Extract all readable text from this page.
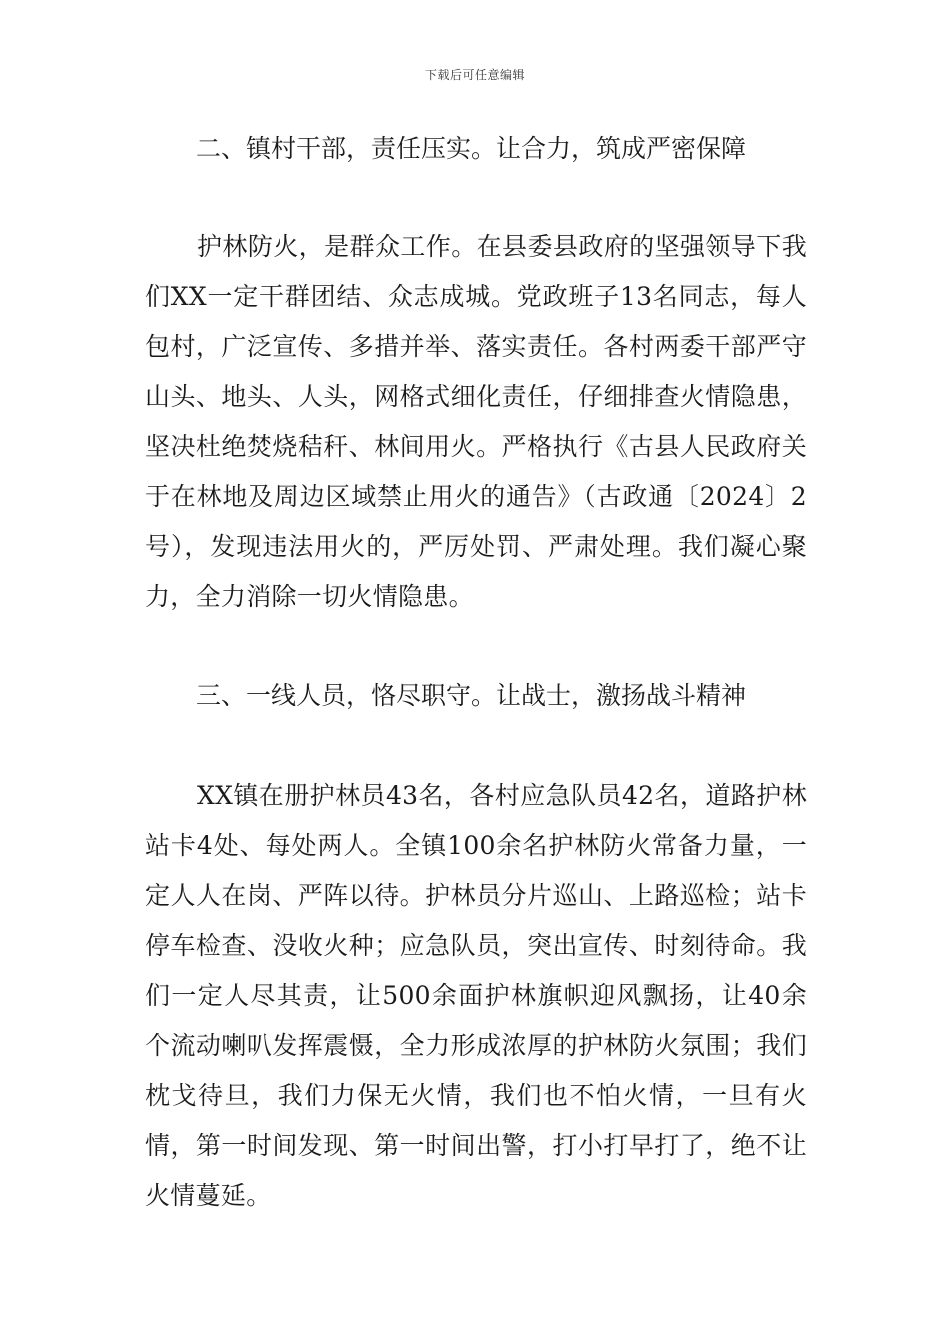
下载后可任意编辑
二、镇村干部，责任压实。让合力，筑成严密保障
护林防火，是群众工作。在县委县政府的坚强领导下我们XX一定干群团结、众志成城。党政班子13名同志，每人包村，广泛宣传、多措并举、落实责任。各村两委干部严守山头、地头、人头，网格式细化责任，仔细排查火情隐患，坚决杜绝焚烧秸秆、林间用火。严格执行《古县人民政府关于在林地及周边区域禁止用火的通告》（古政通〔2024〕2号），发现违法用火的，严厉处罚、严肃处理。我们凝心聚力，全力消除一切火情隐患。
三、一线人员，恪尽职守。让战士，激扬战斗精神
XX镇在册护林员43名，各村应急队员42名，道路护林站卡4处、每处两人。全镇100余名护林防火常备力量，一定人人在岗、严阵以待。护林员分片巡山、上路巡检；站卡停车检查、没收火种；应急队员，突出宣传、时刻待命。我们一定人尽其责，让500余面护林旗帜迎风飘扬，让40余个流动喇叭发挥震慑，全力形成浓厚的护林防火氛围；我们枕戈待旦，我们力保无火情，我们也不怕火情，一旦有火情，第一时间发现、第一时间出警，打小打早打了，绝不让火情蔓延。
